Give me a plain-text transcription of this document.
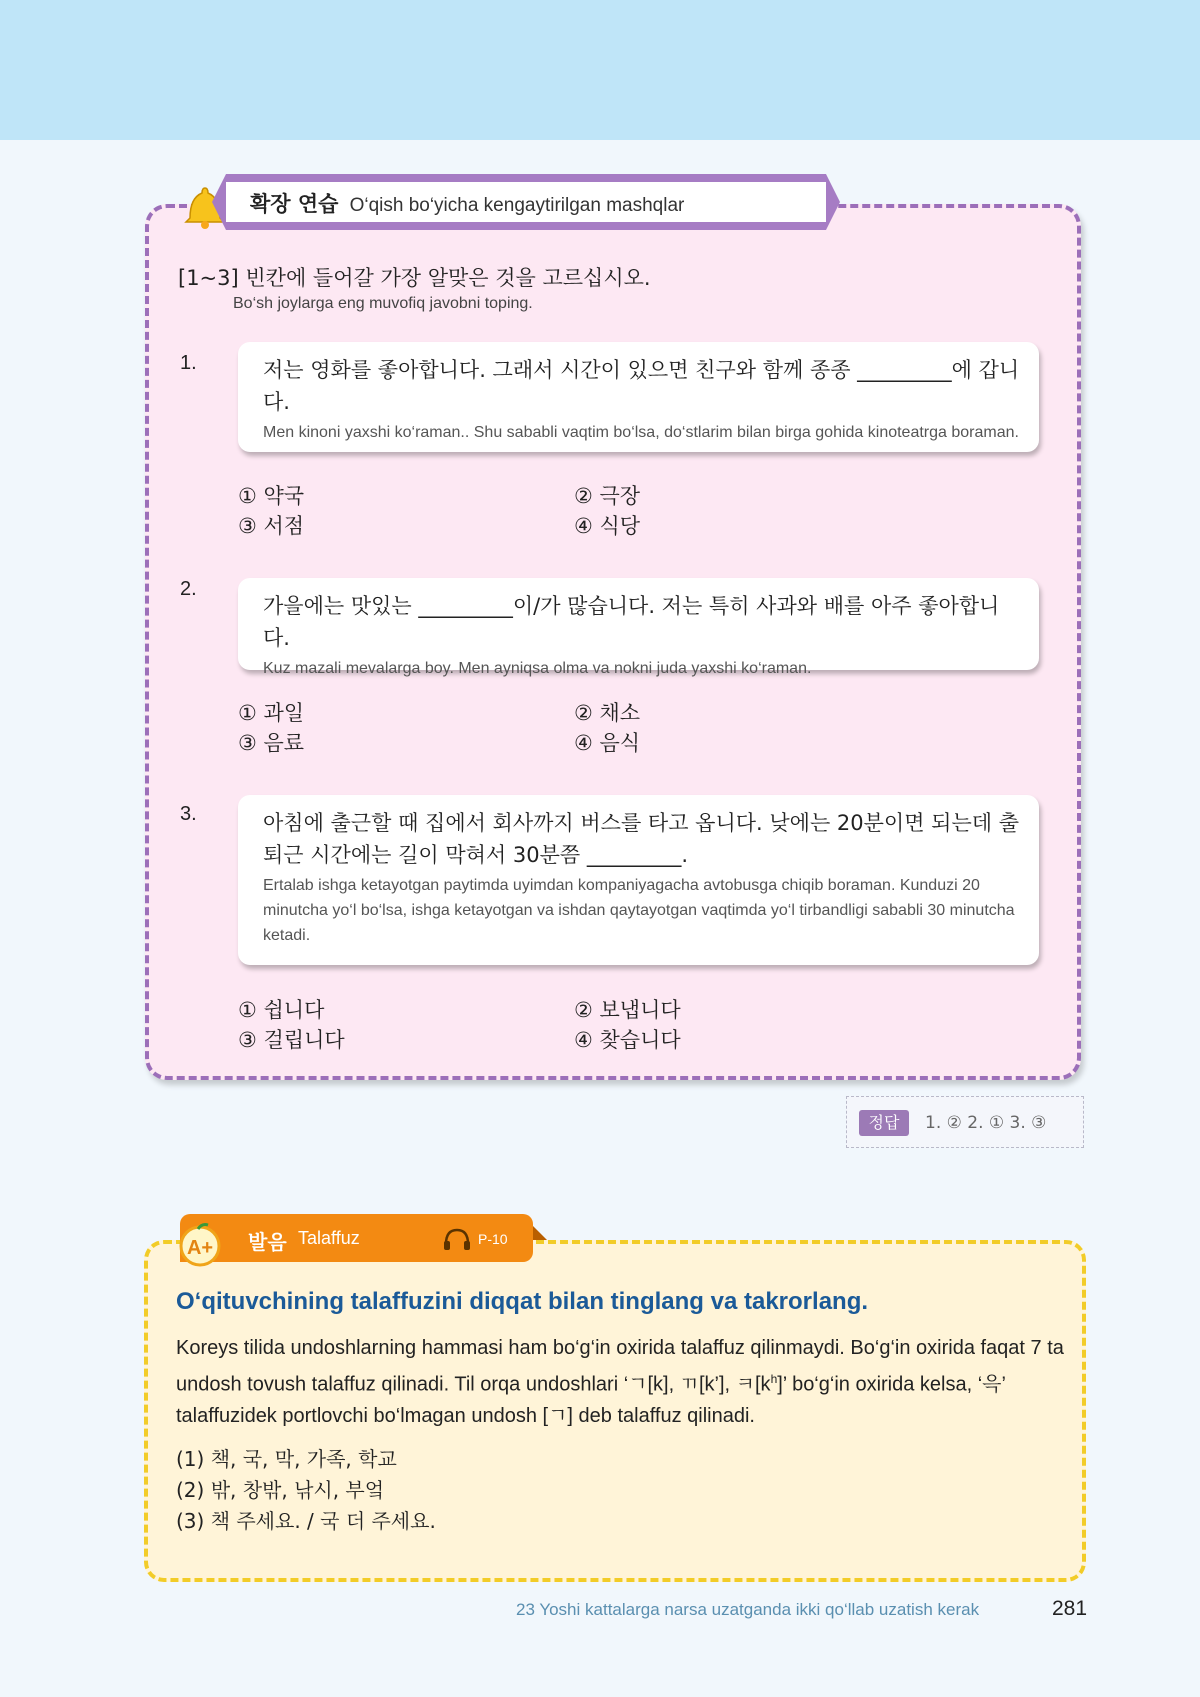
확장 연습 O‘qish bo‘yicha kengaytirilgan mashqlar
[1~3] 빈칸에 들어갈 가장 알맞은 것을 고르십시오.
Bo‘sh joylarga eng muvofiq javobni toping.
1.	저는 영화를 좋아합니다. 그래서 시간이 있으면 친구와 함께 종종 _________에 갑니다.
Men kinoni yaxshi ko‘raman.. Shu sababli vaqtim bo‘lsa, do‘stlarim bilan birga gohida kinoteatrga boraman.
① 약국	② 극장
③ 서점	④ 식당
2.
가을에는 맛있는 _________이/가 많습니다. 저는 특히 사과와 배를 아주 좋아합니다.
Kuz mazali mevalarga boy. Men ayniqsa olma va nokni juda yaxshi ko‘raman.
① 과일	② 채소
③ 음료	④ 음식
3.	아침에 출근할 때 집에서 회사까지 버스를 타고 옵니다. 낮에는 20분이면 되는데 출퇴근 시간에는 길이 막혀서 30분쯤 _________.
Ertalab ishga ketayotgan paytimda uyimdan kompaniyagacha avtobusga chiqib boraman. Kunduzi 20 minutcha yo‘l bo‘lsa, ishga ketayotgan va ishdan qaytayotgan vaqtimda yo‘l tirbandligi sababli 30 minutcha ketadi.
① 쉽니다	② 보냅니다
③ 걸립니다	④ 찾습니다
정답	1. ② 2. ① 3. ③
A+ 발음 Talaffuz	P-10
O‘qituvchining talaffuzini diqqat bilan tinglang va takrorlang.
Koreys tilida undoshlarning hammasi ham bo‘g‘in oxirida talaffuz qilinmaydi. Bo‘g‘in oxirida faqat 7 ta undosh tovush talaffuz qilinadi. Til orqa undoshlari ‘ㄱ[k], ㄲ[k’], ㅋ$[k^h]$’ bo‘g‘in oxirida kelsa, ‘윽’ talaffuzidek portlovchi bo‘lmagan undosh [ㄱ] deb talaffuz qilinadi.
(1) 책, 국, 막, 가족, 학교
(2) 밖, 창밖, 낚시, 부엌
(3) 책 주세요. / 국 더 주세요.
23 Yoshi kattalarga narsa uzatganda ikki qo‘llab uzatish kerak	281
